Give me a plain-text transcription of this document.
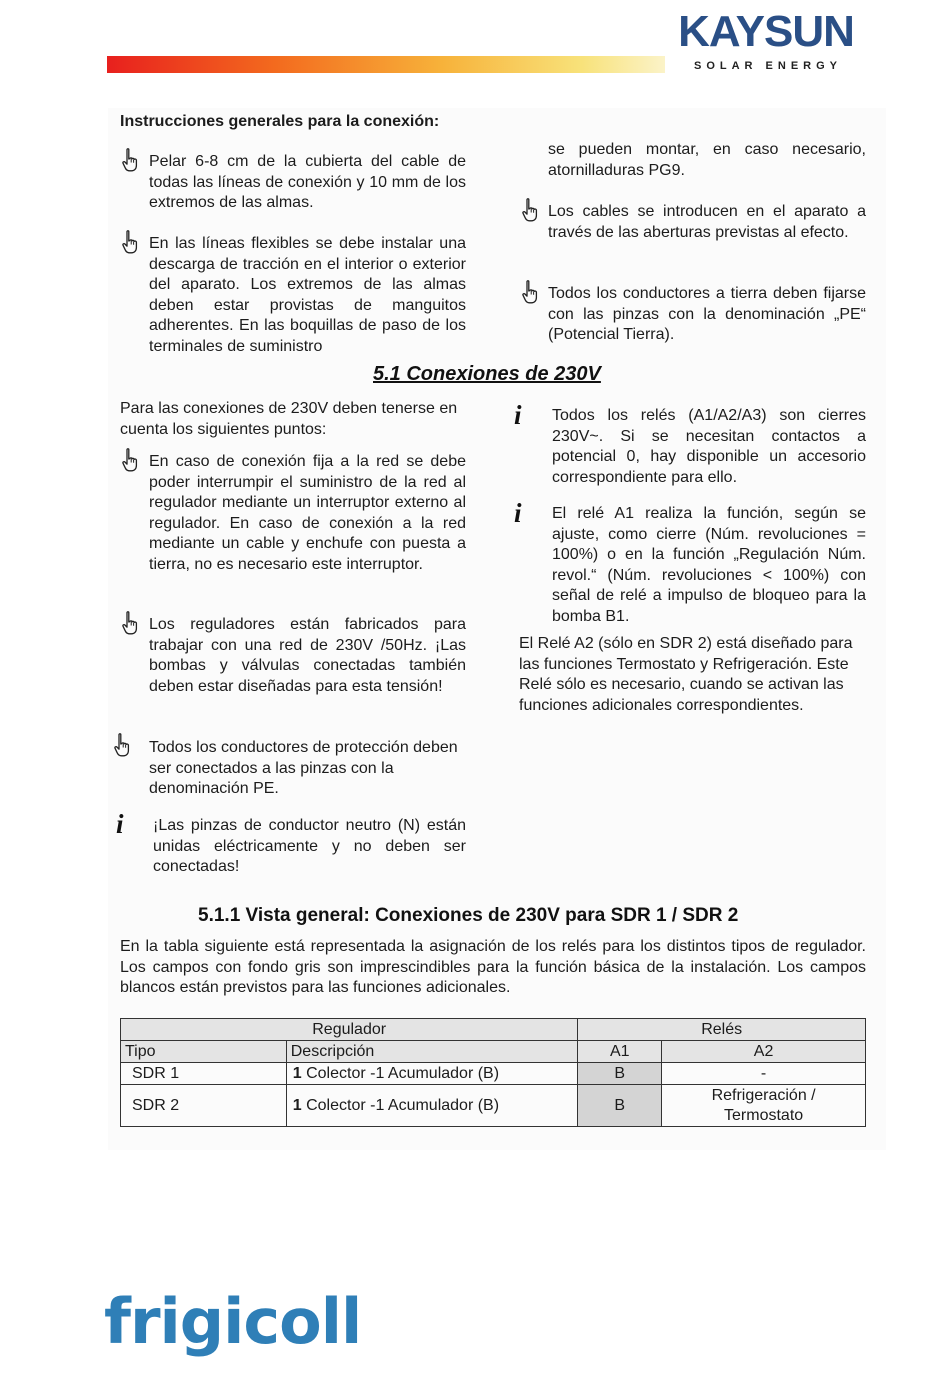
KAYSUN
SOLAR ENERGY
Instrucciones generales para la conexión:
Pelar 6-8 cm de la cubierta del cable de todas las líneas de conexión y 10 mm de los extremos de las almas.
En las líneas flexibles se debe instalar una descarga de tracción en el interior o exterior del aparato. Los extremos de las almas deben estar provistas de manguitos adherentes. En las boquillas de paso de los terminales de suministro
se pueden montar, en caso necesario, atornilladuras PG9.
Los cables se introducen en el aparato a través de las aberturas previstas al efecto.
Todos los conductores a tierra deben fijarse con las pinzas con la denominación „PE“ (Potencial Tierra).
5.1 Conexiones de 230V
Para las conexiones de 230V deben tenerse en cuenta los siguientes puntos:
En caso de conexión fija a la red se debe poder interrumpir el suministro de la red al regulador mediante un interruptor externo al regulador. En caso de conexión a la red mediante un cable y enchufe con puesta a tierra, no es necesario este interruptor.
Los reguladores están fabricados para trabajar con una red de 230V /50Hz. ¡Las bombas y válvulas conectadas también deben estar diseñadas para esta tensión!
Todos los conductores de protección deben ser conectados a las pinzas con la denominación PE.
i ¡Las pinzas de conductor neutro (N) están unidas eléctricamente y no deben ser conectadas!
i Todos los relés (A1/A2/A3) son cierres 230V~. Si se necesitan contactos a potencial 0, hay disponible un accesorio correspondiente para ello.
i El relé A1 realiza la función, según se ajuste, como cierre (Núm. revoluciones = 100%) o en la función „Regulación Núm. revol.“ (Núm. revoluciones < 100%) con señal de relé a impulso de bloqueo para la bomba B1.
El Relé A2 (sólo en SDR 2) está diseñado para las funciones Termostato y Refrigeración. Este Relé sólo es necesario, cuando se activan las funciones adicionales correspondientes.
5.1.1 Vista general: Conexiones de 230V para SDR 1 / SDR 2
En la tabla siguiente está representada la asignación de los relés para los distintos tipos de regulador. Los campos con fondo gris son imprescindibles para la función básica de la instalación. Los campos blancos están previstos para las funciones adicionales.
Regulador		Relés	
Tipo	Descripción	A1	A2
SDR 1	1 Colector -1 Acumulador (B)	B	-
SDR 2	1 Colector -1 Acumulador (B)	B	Refrigeración /
Termostato
frigicoll
